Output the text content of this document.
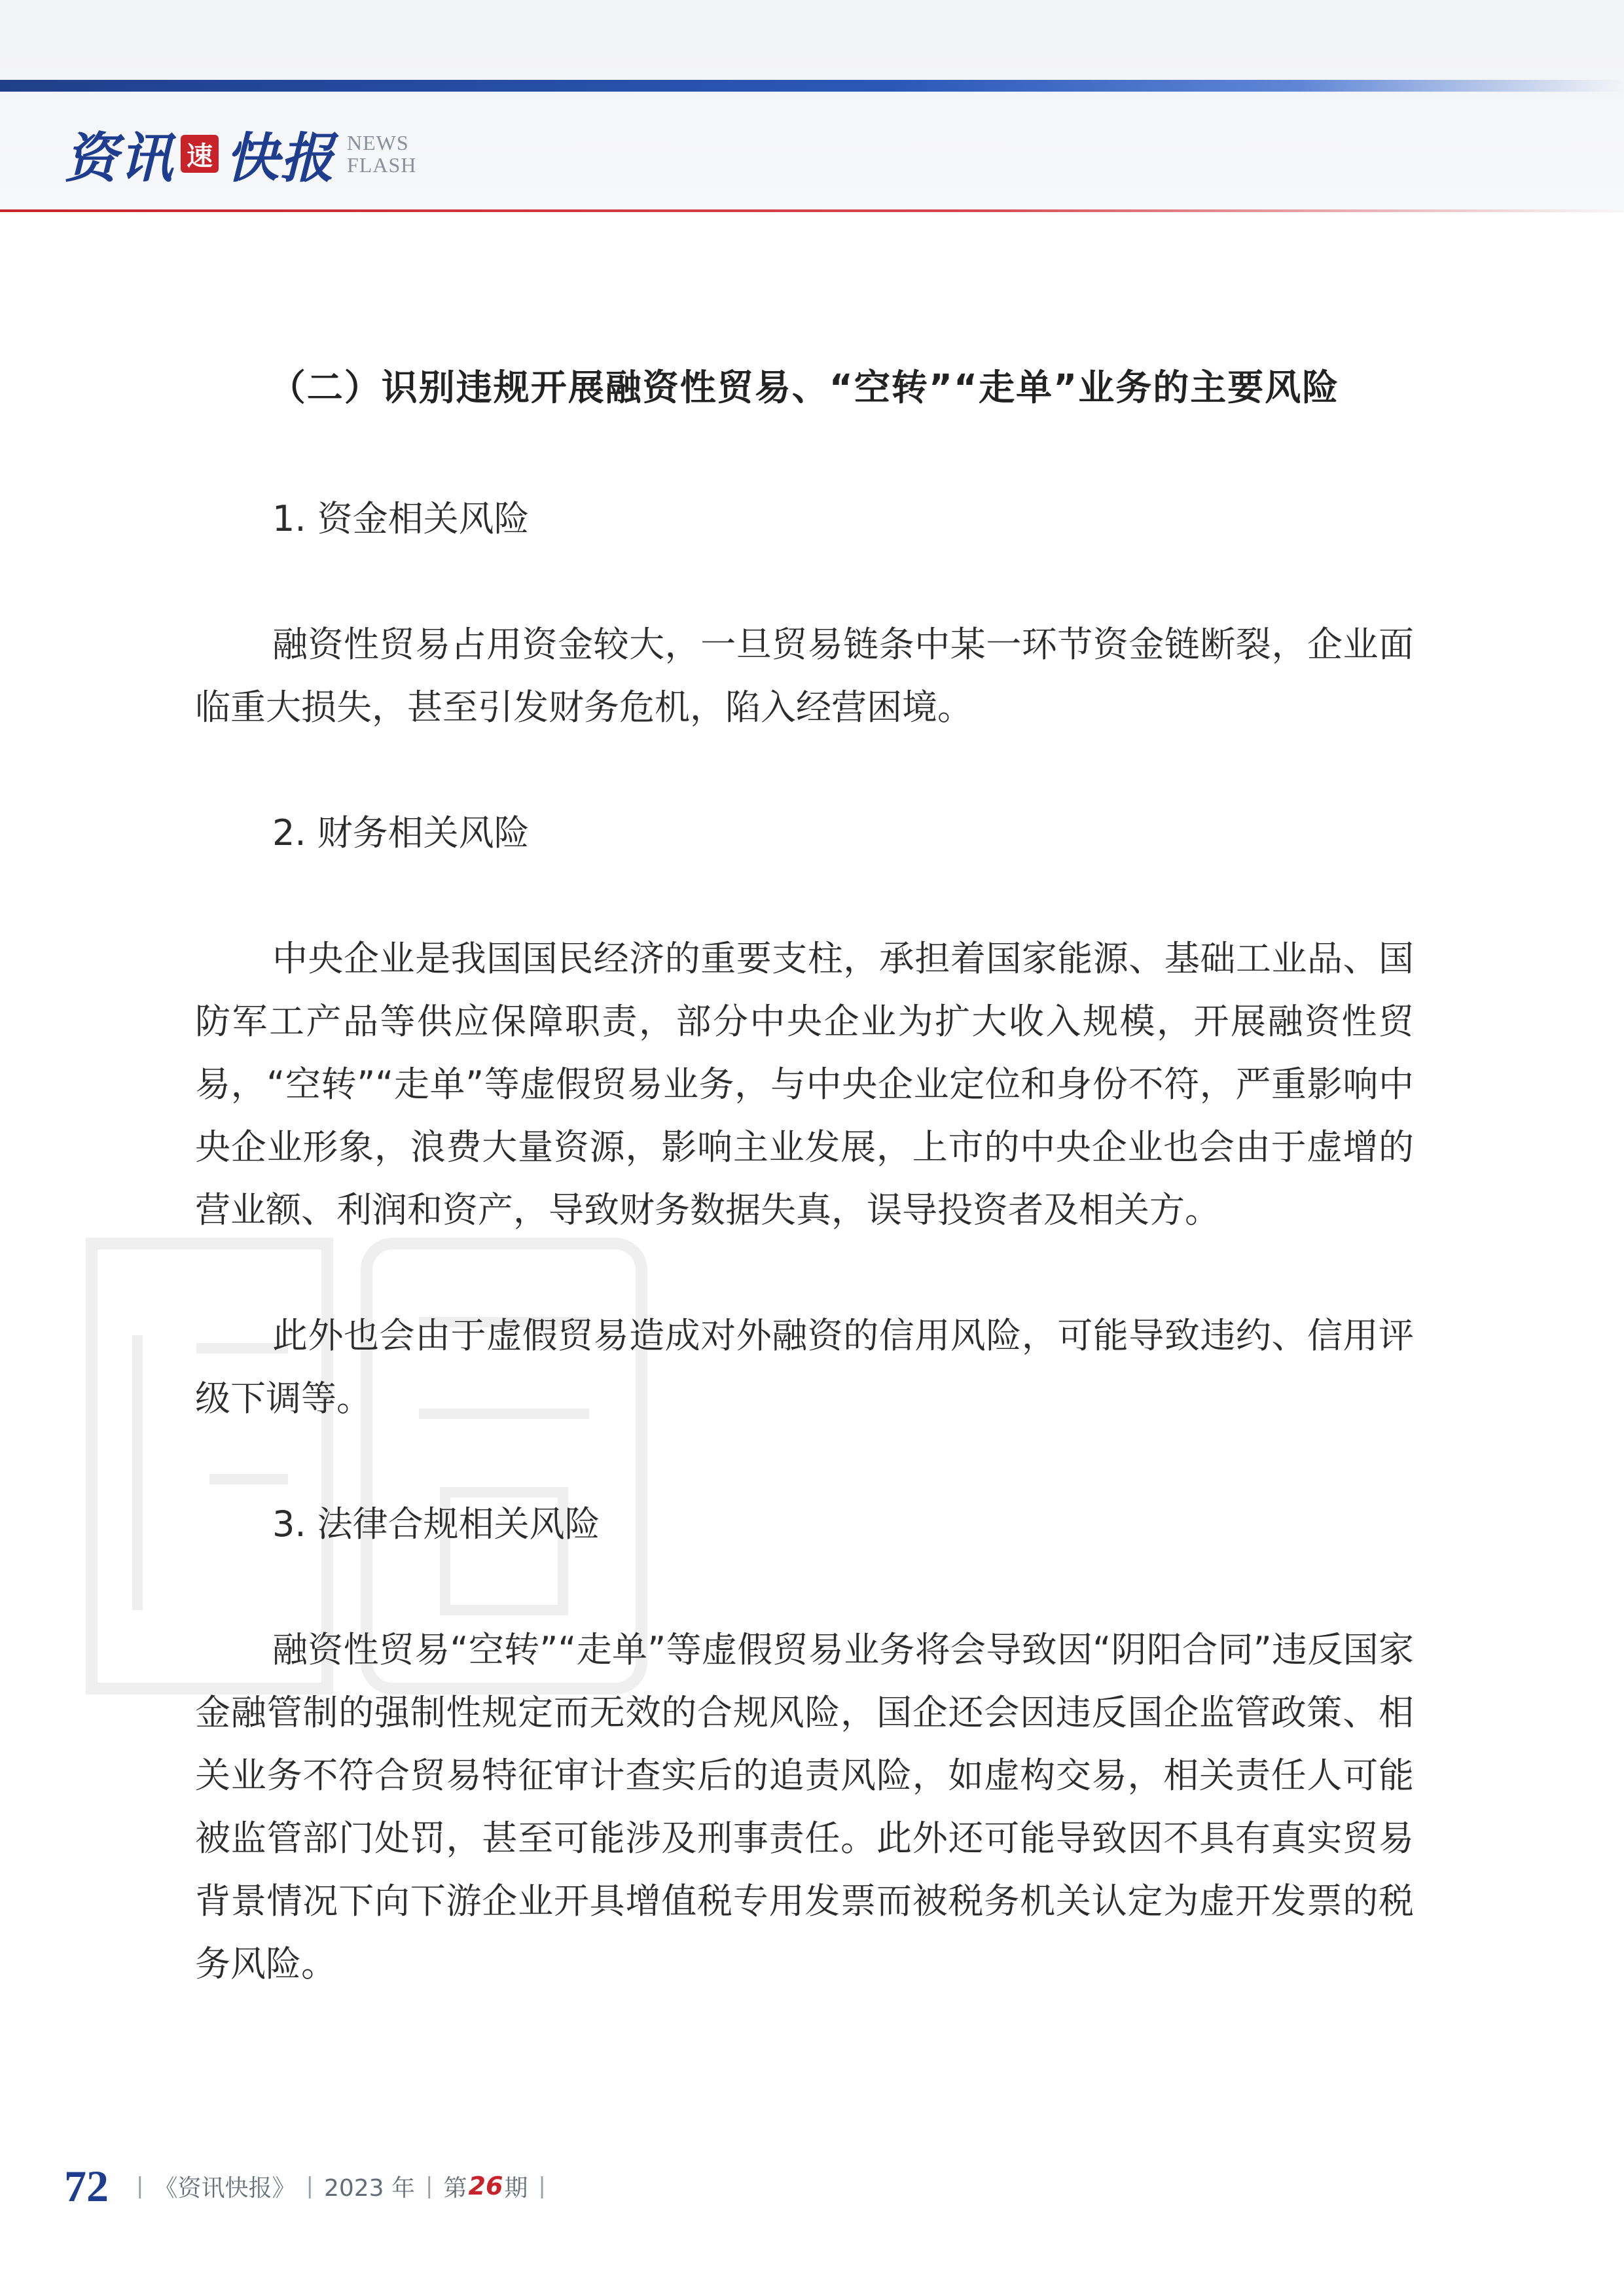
资讯 速 快报 NEWS
FLASH
（二）识别违规开展融资性贸易、“空转”“走单”业务的主要风险
1. 资金相关风险

融资性贸易占用资金较大，一旦贸易链条中某一环节资金链断裂，企业面临重大损失，甚至引发财务危机，陷入经营困境。

2. 财务相关风险

中央企业是我国国民经济的重要支柱，承担着国家能源、基础工业品、国防军工产品等供应保障职责，部分中央企业为扩大收入规模，开展融资性贸易，“空转”“走单”等虚假贸易业务，与中央企业定位和身份不符，严重影响中央企业形象，浪费大量资源，影响主业发展，上市的中央企业也会由于虚增的营业额、利润和资产，导致财务数据失真，误导投资者及相关方。

此外也会由于虚假贸易造成对外融资的信用风险，可能导致违约、信用评级下调等。

3. 法律合规相关风险

融资性贸易“空转”“走单”等虚假贸易业务将会导致因“阴阳合同”违反国家金融管制的强制性规定而无效的合规风险，国企还会因违反国企监管政策、相关业务不符合贸易特征审计查实后的追责风险，如虚构交易，相关责任人可能被监管部门处罚，甚至可能涉及刑事责任。此外还可能导致因不具有真实贸易背景情况下向下游企业开具增值税专用发票而被税务机关认定为虚开发票的税务风险。

72 | 《资讯快报》 | 2023 年 | 第 26 期 |
